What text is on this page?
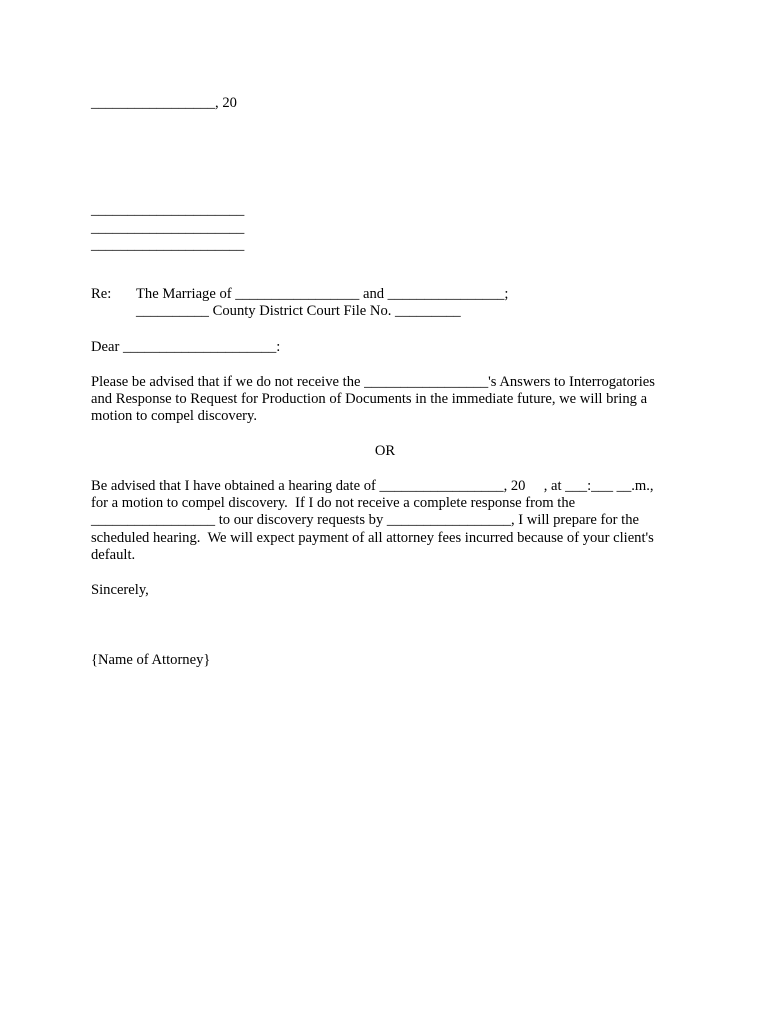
_________________, 20
_____________________
_____________________
_____________________
Re: The Marriage of _________________ and ________________;
__________ County District Court File No. _________
Dear _____________________:
Please be advised that if we do not receive the _________________'s Answers to Interrogatories
and Response to Request for Production of Documents in the immediate future, we will bring a
motion to compel discovery.
OR
Be advised that I have obtained a hearing date of _________________, 20     , at ___:___ __.m.,
for a motion to compel discovery.  If I do not receive a complete response from the
_________________ to our discovery requests by _________________, I will prepare for the
scheduled hearing.  We will expect payment of all attorney fees incurred because of your client's
default.
Sincerely,
{Name of Attorney}
